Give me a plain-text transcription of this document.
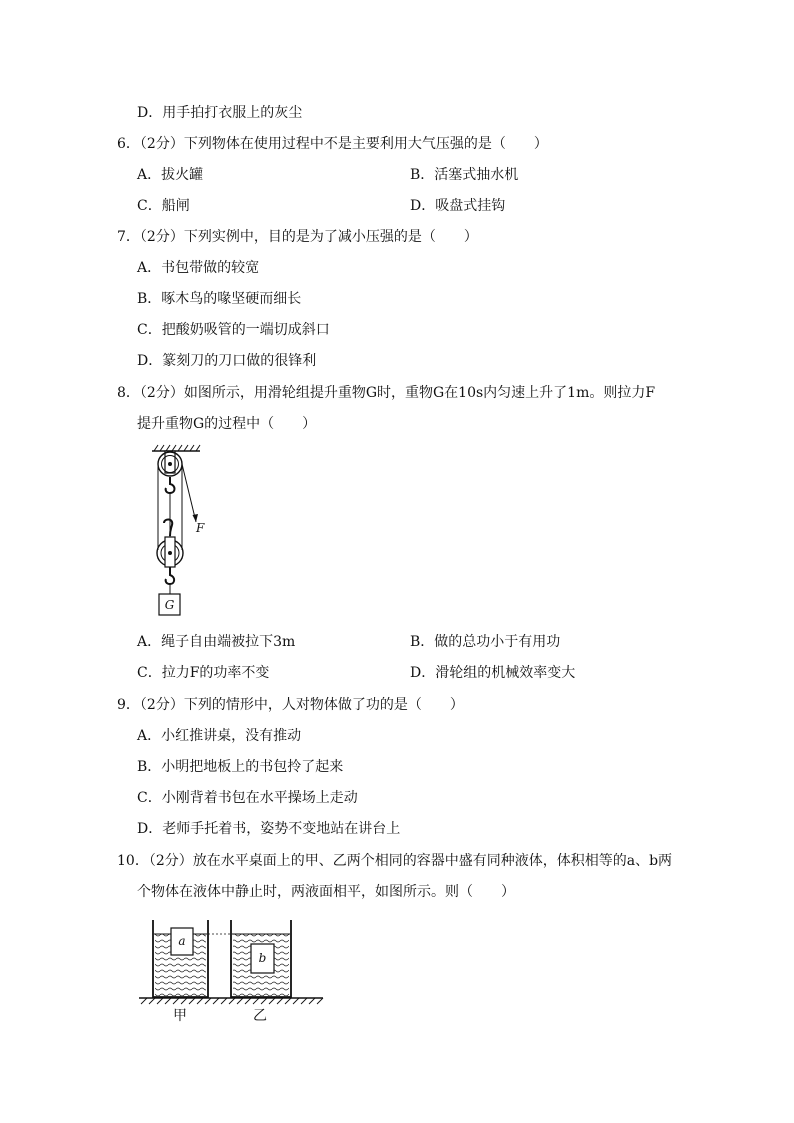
D．用手拍打衣服上的灰尘
6．（2分）下列物体在使用过程中不是主要利用大气压强的是（　　）
A．拔火罐	B．活塞式抽水机
C．船闸	D．吸盘式挂钩
7．（2分）下列实例中，目的是为了减小压强的是（　　）
A．书包带做的较宽
B．啄木鸟的喙坚硬而细长
C．把酸奶吸管的一端切成斜口
D．篆刻刀的刀口做的很锋利
8．（2分）如图所示，用滑轮组提升重物G时，重物G在10s内匀速上升了1m。则拉力F
提升重物G的过程中（　　）
F
G
A．绳子自由端被拉下3m	B．做的总功小于有用功
C．拉力F的功率不变	D．滑轮组的机械效率变大
9．（2分）下列的情形中，人对物体做了功的是（　　）
A．小红推讲桌，没有推动
B．小明把地板上的书包拎了起来
C．小刚背着书包在水平操场上走动
D．老师手托着书，姿势不变地站在讲台上
10．（2分）放在水平桌面上的甲、乙两个相同的容器中盛有同种液体，体积相等的a、b两
个物体在液体中静止时，两液面相平，如图所示。则（　　）
a
b
甲	乙
